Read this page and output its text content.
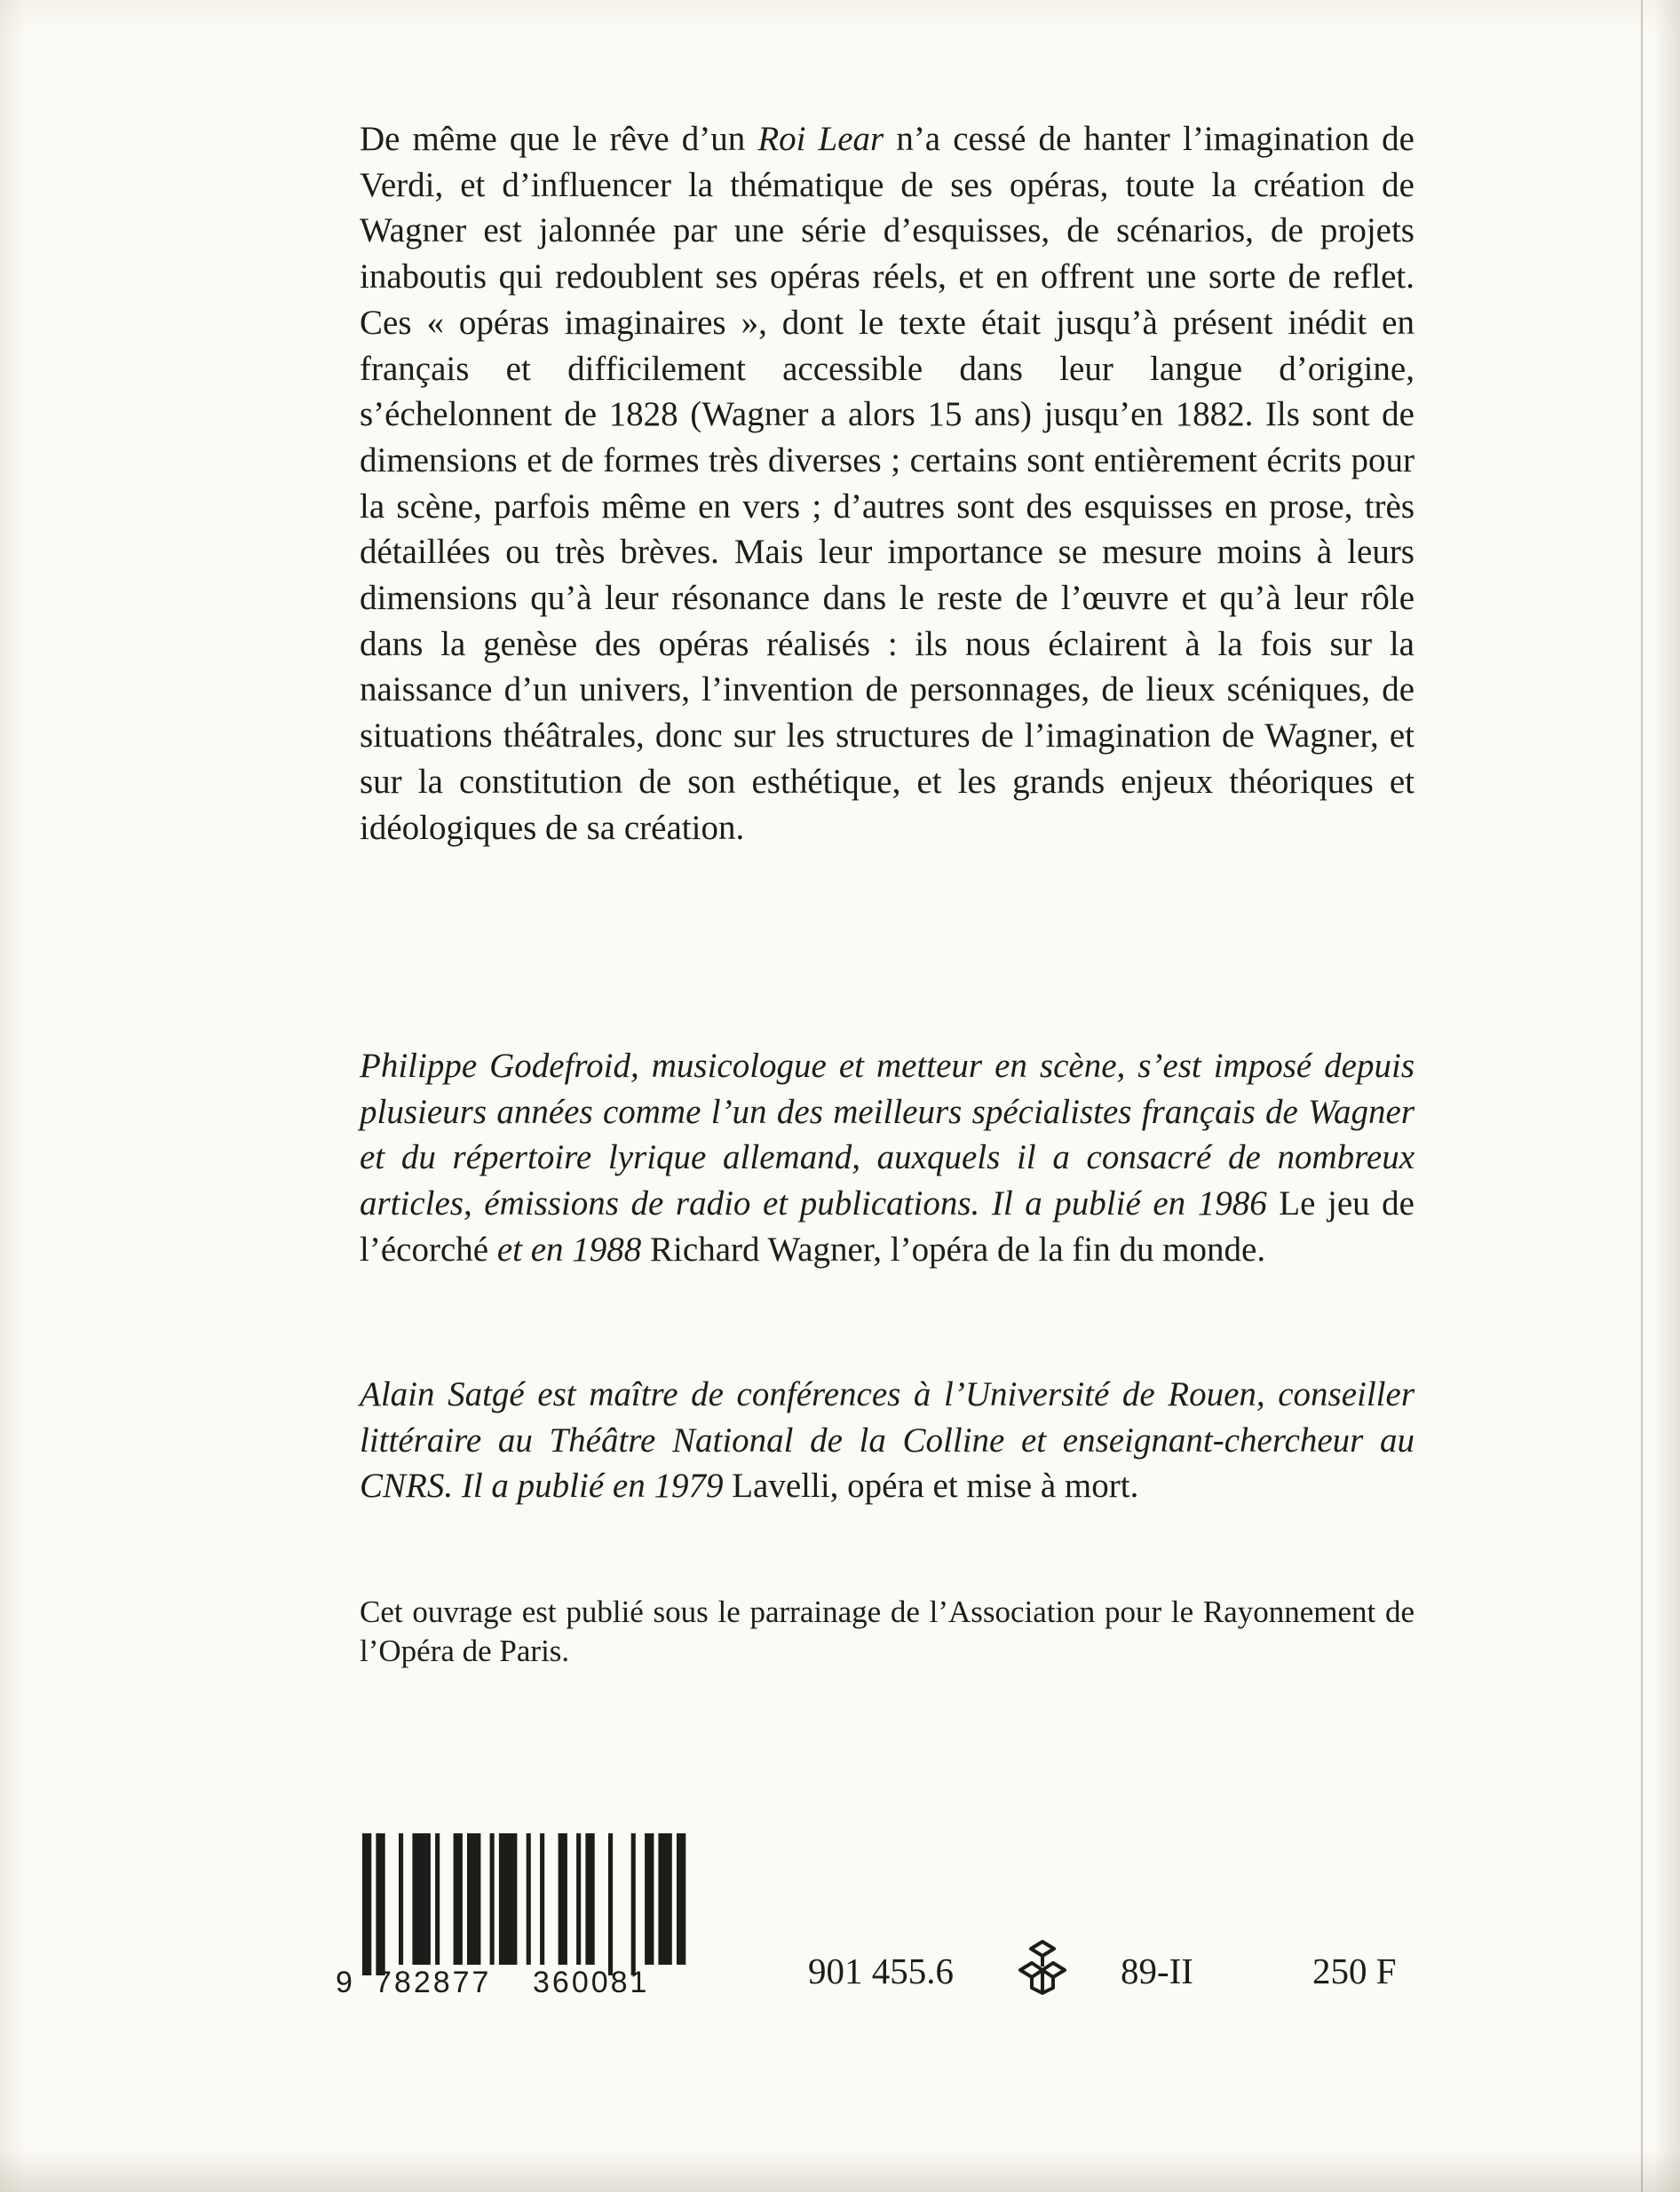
De même que le rêve d’un Roi Lear n’a cessé de hanter l’imagination de Verdi, et d’influencer la thématique de ses opéras, toute la création de Wagner est jalonnée par une série d’esquisses, de scénarios, de projets inaboutis qui redoublent ses opéras réels, et en offrent une sorte de reflet. Ces « opéras imaginaires », dont le texte était jusqu’à présent inédit en français et difficilement accessible dans leur langue d’origine, s’échelonnent de 1828 (Wagner a alors 15 ans) jusqu’en 1882. Ils sont de dimensions et de formes très diverses ; certains sont entièrement écrits pour la scène, parfois même en vers ; d’autres sont des esquisses en prose, très détaillées ou très brèves. Mais leur importance se mesure moins à leurs dimensions qu’à leur résonance dans le reste de l’œuvre et qu’à leur rôle dans la genèse des opéras réalisés : ils nous éclairent à la fois sur la naissance d’un univers, l’invention de personnages, de lieux scéniques, de situations théâtrales, donc sur les structures de l’imagination de Wagner, et sur la constitution de son esthétique, et les grands enjeux théoriques et idéologiques de sa création.

Philippe Godefroid, musicologue et metteur en scène, s’est imposé depuis plusieurs années comme l’un des meilleurs spécialistes français de Wagner et du répertoire lyrique allemand, auxquels il a consacré de nombreux articles, émissions de radio et publications. Il a publié en 1986 Le jeu de l’écorché et en 1988 Richard Wagner, l’opéra de la fin du monde.

Alain Satgé est maître de conférences à l’Université de Rouen, conseiller littéraire au Théâtre National de la Colline et enseignant-chercheur au CNRS. Il a publié en 1979 Lavelli, opéra et mise à mort.

Cet ouvrage est publié sous le parrainage de l’Association pour le Rayonnement de l’Opéra de Paris.

9 782877 360081	901 455.6	89-II	250 F
